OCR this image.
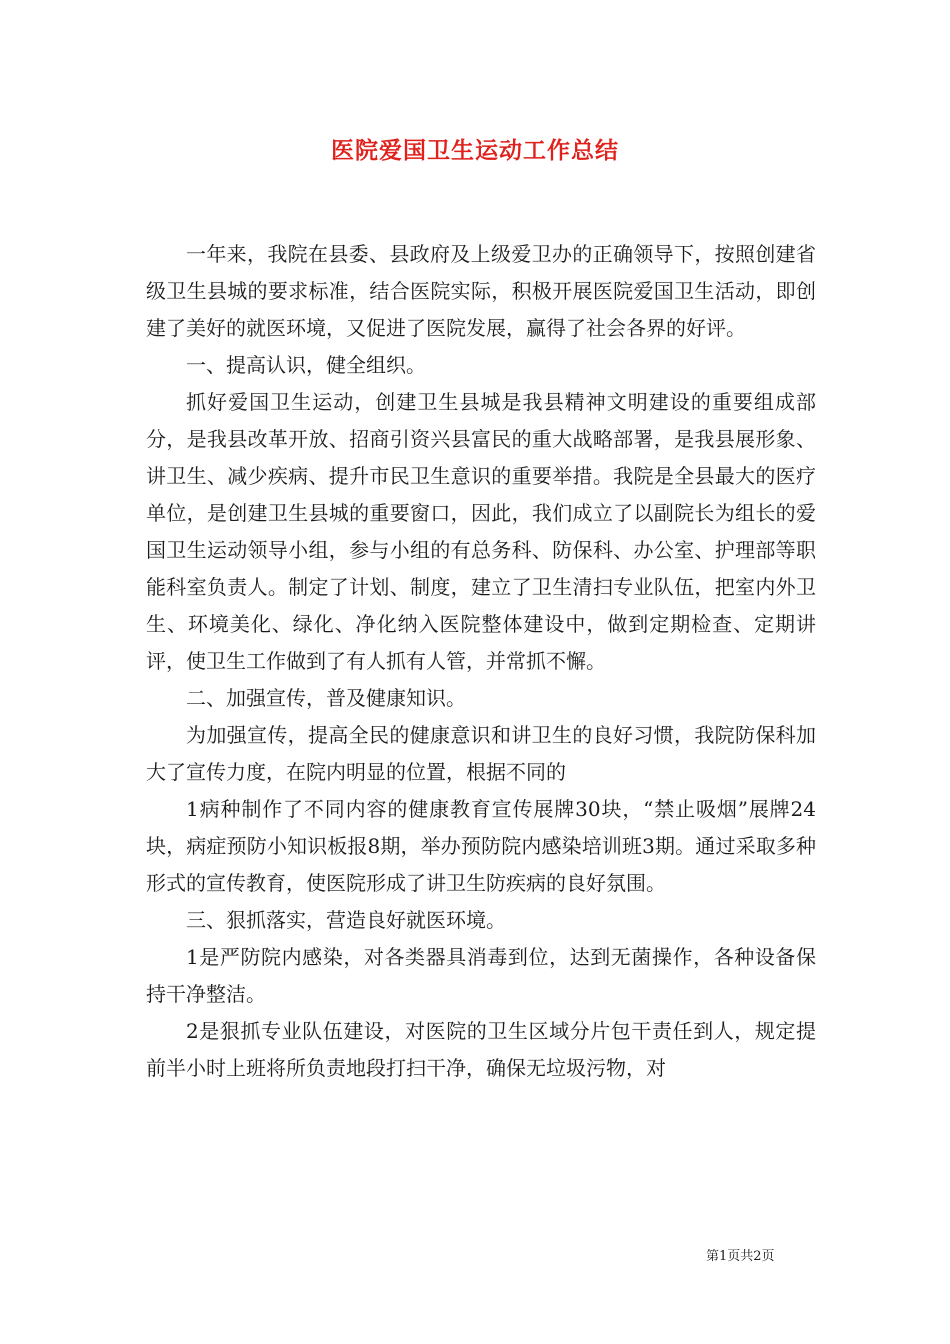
医院爱国卫生运动工作总结

一年来，我院在县委、县政府及上级爱卫办的正确领导下，按照创建省级卫生县城的要求标准，结合医院实际，积极开展医院爱国卫生活动，即创建了美好的就医环境，又促进了医院发展，赢得了社会各界的好评。

一、提高认识，健全组织。

抓好爱国卫生运动，创建卫生县城是我县精神文明建设的重要组成部分，是我县改革开放、招商引资兴县富民的重大战略部署，是我县展形象、讲卫生、减少疾病、提升市民卫生意识的重要举措。我院是全县最大的医疗单位，是创建卫生县城的重要窗口，因此，我们成立了以副院长为组长的爱国卫生运动领导小组，参与小组的有总务科、防保科、办公室、护理部等职能科室负责人。制定了计划、制度，建立了卫生清扫专业队伍，把室内外卫生、环境美化、绿化、净化纳入医院整体建设中，做到定期检查、定期讲评，使卫生工作做到了有人抓有人管，并常抓不懈。

二、加强宣传，普及健康知识。

为加强宣传，提高全民的健康意识和讲卫生的良好习惯，我院防保科加大了宣传力度，在院内明显的位置，根据不同的

1病种制作了不同内容的健康教育宣传展牌30块，“禁止吸烟”展牌24块，病症预防小知识板报8期，举办预防院内感染培训班3期。通过采取多种形式的宣传教育，使医院形成了讲卫生防疾病的良好氛围。

三、狠抓落实，营造良好就医环境。

1是严防院内感染，对各类器具消毒到位，达到无菌操作，各种设备保持干净整洁。

2是狠抓专业队伍建设，对医院的卫生区域分片包干责任到人，规定提前半小时上班将所负责地段打扫干净，确保无垃圾污物，对

第1页共2页
